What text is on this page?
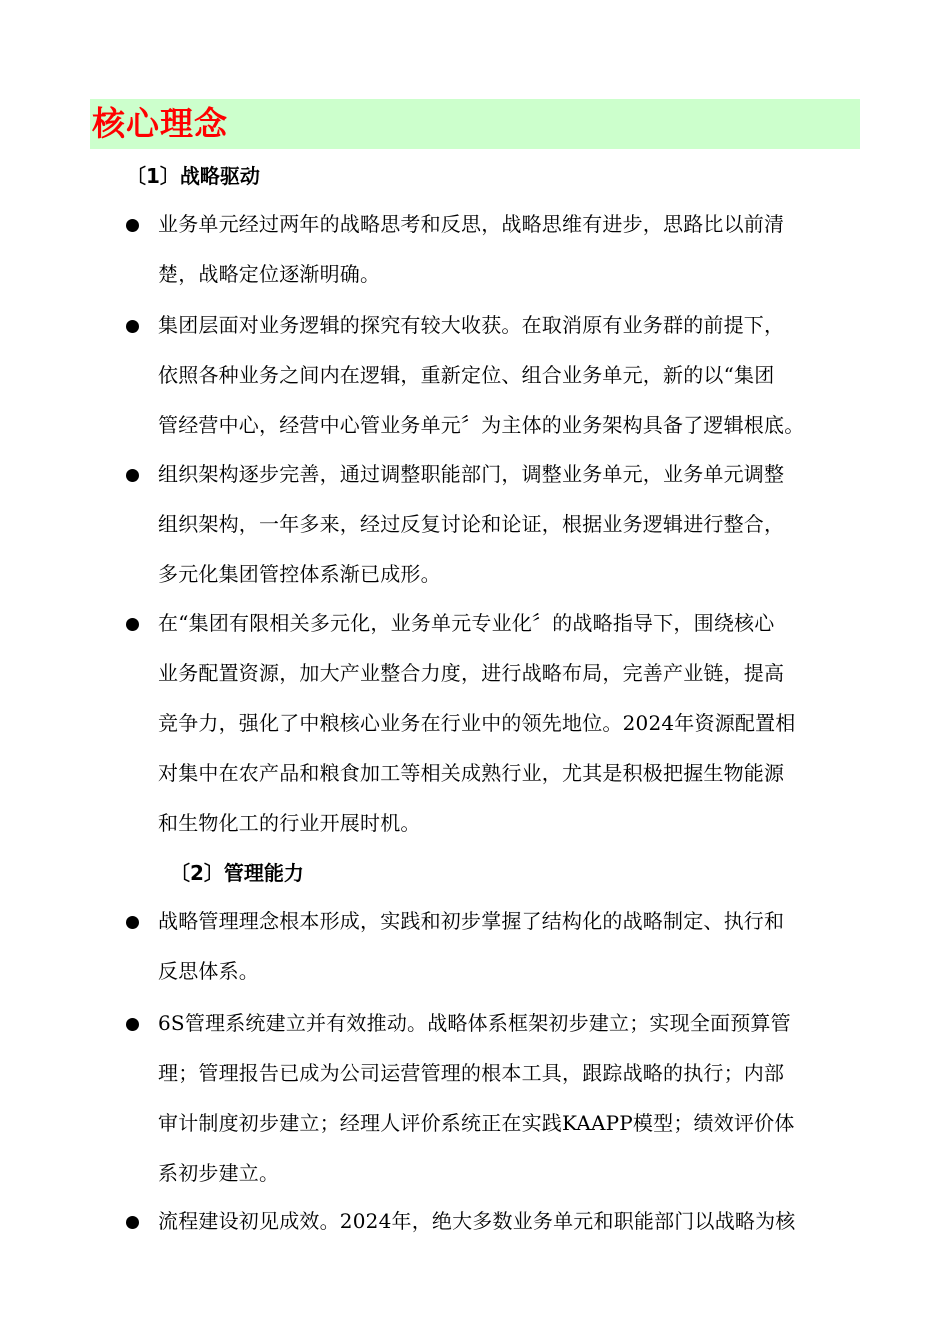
核心理念
〔1〕战略驱动
业务单元经过两年的战略思考和反思，战略思维有进步，思路比以前清
楚，战略定位逐渐明确。
集团层面对业务逻辑的探究有较大收获。在取消原有业务群的前提下，
依照各种业务之间内在逻辑，重新定位、组合业务单元，新的以“集团
管经营中心，经营中心管业务单元〞为主体的业务架构具备了逻辑根底。
组织架构逐步完善，通过调整职能部门，调整业务单元，业务单元调整
组织架构，一年多来，经过反复讨论和论证，根据业务逻辑进行整合，
多元化集团管控体系渐已成形。
在“集团有限相关多元化，业务单元专业化〞的战略指导下，围绕核心
业务配置资源，加大产业整合力度，进行战略布局，完善产业链，提高
竞争力，强化了中粮核心业务在行业中的领先地位。2024年资源配置相
对集中在农产品和粮食加工等相关成熟行业，尤其是积极把握生物能源
和生物化工的行业开展时机。
〔2〕管理能力
战略管理理念根本形成，实践和初步掌握了结构化的战略制定、执行和
反思体系。
6S管理系统建立并有效推动。战略体系框架初步建立；实现全面预算管
理；管理报告已成为公司运营管理的根本工具，跟踪战略的执行；内部
审计制度初步建立；经理人评价系统正在实践KAAPP模型；绩效评价体
系初步建立。
流程建设初见成效。2024年，绝大多数业务单元和职能部门以战略为核
